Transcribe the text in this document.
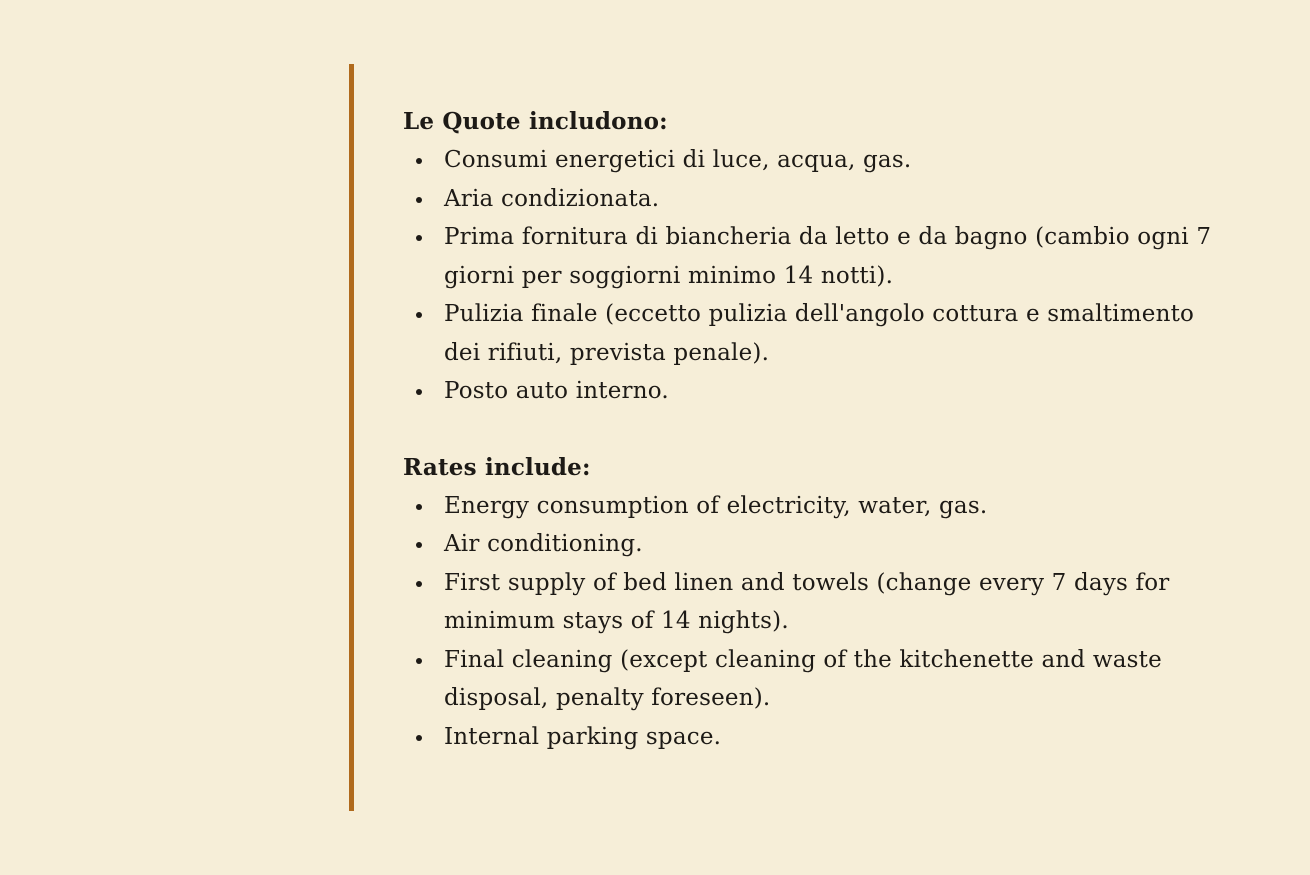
Le Quote includono:
Consumi energetici di luce, acqua, gas.
Aria condizionata.
Prima fornitura di biancheria da letto e da bagno (cambio ogni 7 giorni per soggiorni minimo 14 notti).
Pulizia finale (eccetto pulizia dell'angolo cottura e smaltimento dei rifiuti, prevista penale).
Posto auto interno.
Rates include:
Energy consumption of electricity, water, gas.
Air conditioning.
First supply of bed linen and towels (change every 7 days for minimum stays of 14 nights).
Final cleaning (except cleaning of the kitchenette and waste disposal, penalty foreseen).
Internal parking space.
